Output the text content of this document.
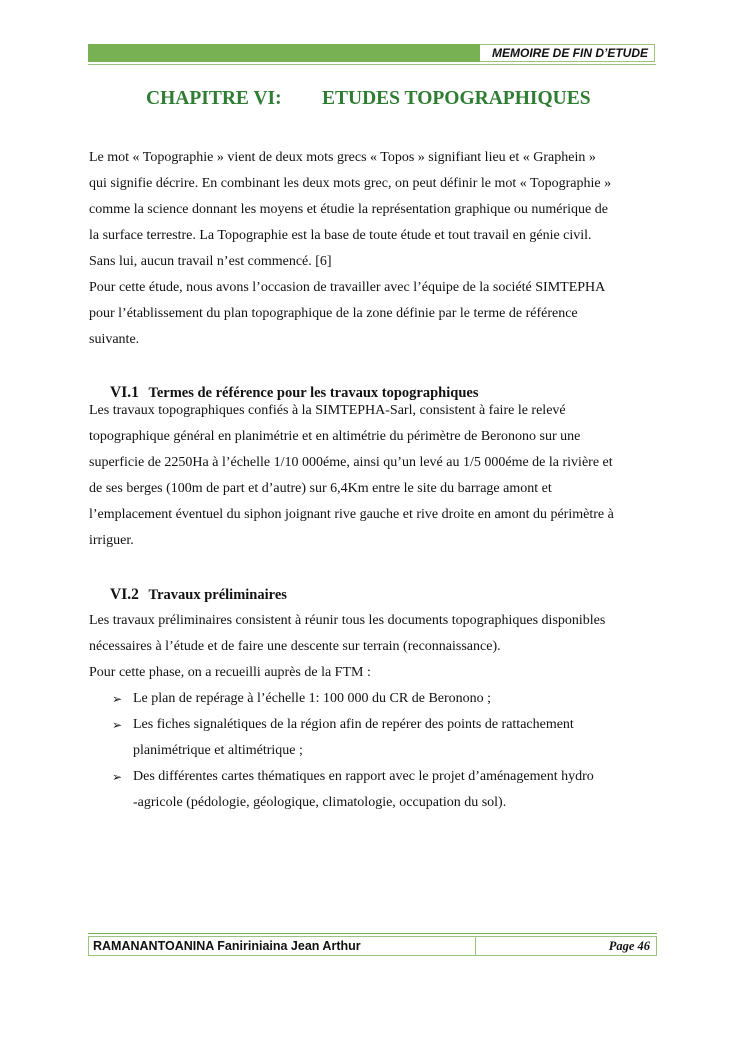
MEMOIRE DE FIN D’ETUDE
CHAPITRE VI: ETUDES TOPOGRAPHIQUES
Le mot « Topographie » vient de deux mots grecs « Topos » signifiant lieu et « Graphein »
qui signifie décrire. En combinant les deux mots grec, on peut définir le mot « Topographie »
comme la science donnant les moyens et étudie la représentation graphique ou numérique de
la surface terrestre. La Topographie est la base de toute étude et tout travail en génie civil.
Sans lui, aucun travail n’est commencé. [6]
Pour cette étude, nous avons l’occasion de travailler avec l’équipe de la société SIMTEPHA
pour l’établissement du plan topographique de la zone définie par le terme de référence
suivante.
VI.1 Termes de référence pour les travaux topographiques
Les travaux topographiques confiés à la SIMTEPHA-Sarl, consistent à faire le relevé
topographique général en planimétrie et en altimétrie du périmètre de Beronono sur une
superficie de 2250Ha à l’échelle 1/10 000éme, ainsi qu’un levé au 1/5 000éme de la rivière et
de ses berges (100m de part et d’autre) sur 6,4Km entre le site du barrage amont et
l’emplacement éventuel du siphon joignant rive gauche et rive droite en amont du périmètre à
irriguer.
VI.2 Travaux préliminaires
Les travaux préliminaires consistent à réunir tous les documents topographiques disponibles
nécessaires à l’étude et de faire une descente sur terrain (reconnaissance).
Pour cette phase, on a recueilli auprès de la FTM :
➢ Le plan de repérage à l’échelle 1: 100 000 du CR de Beronono ;
➢ Les fiches signalétiques de la région afin de repérer des points de rattachement
planimétrique et altimétrique ;
➢ Des différentes cartes thématiques en rapport avec le projet d’aménagement hydro
-agricole (pédologie, géologique, climatologie, occupation du sol).
RAMANANTOANINA Faniriniaina Jean Arthur	Page 46
